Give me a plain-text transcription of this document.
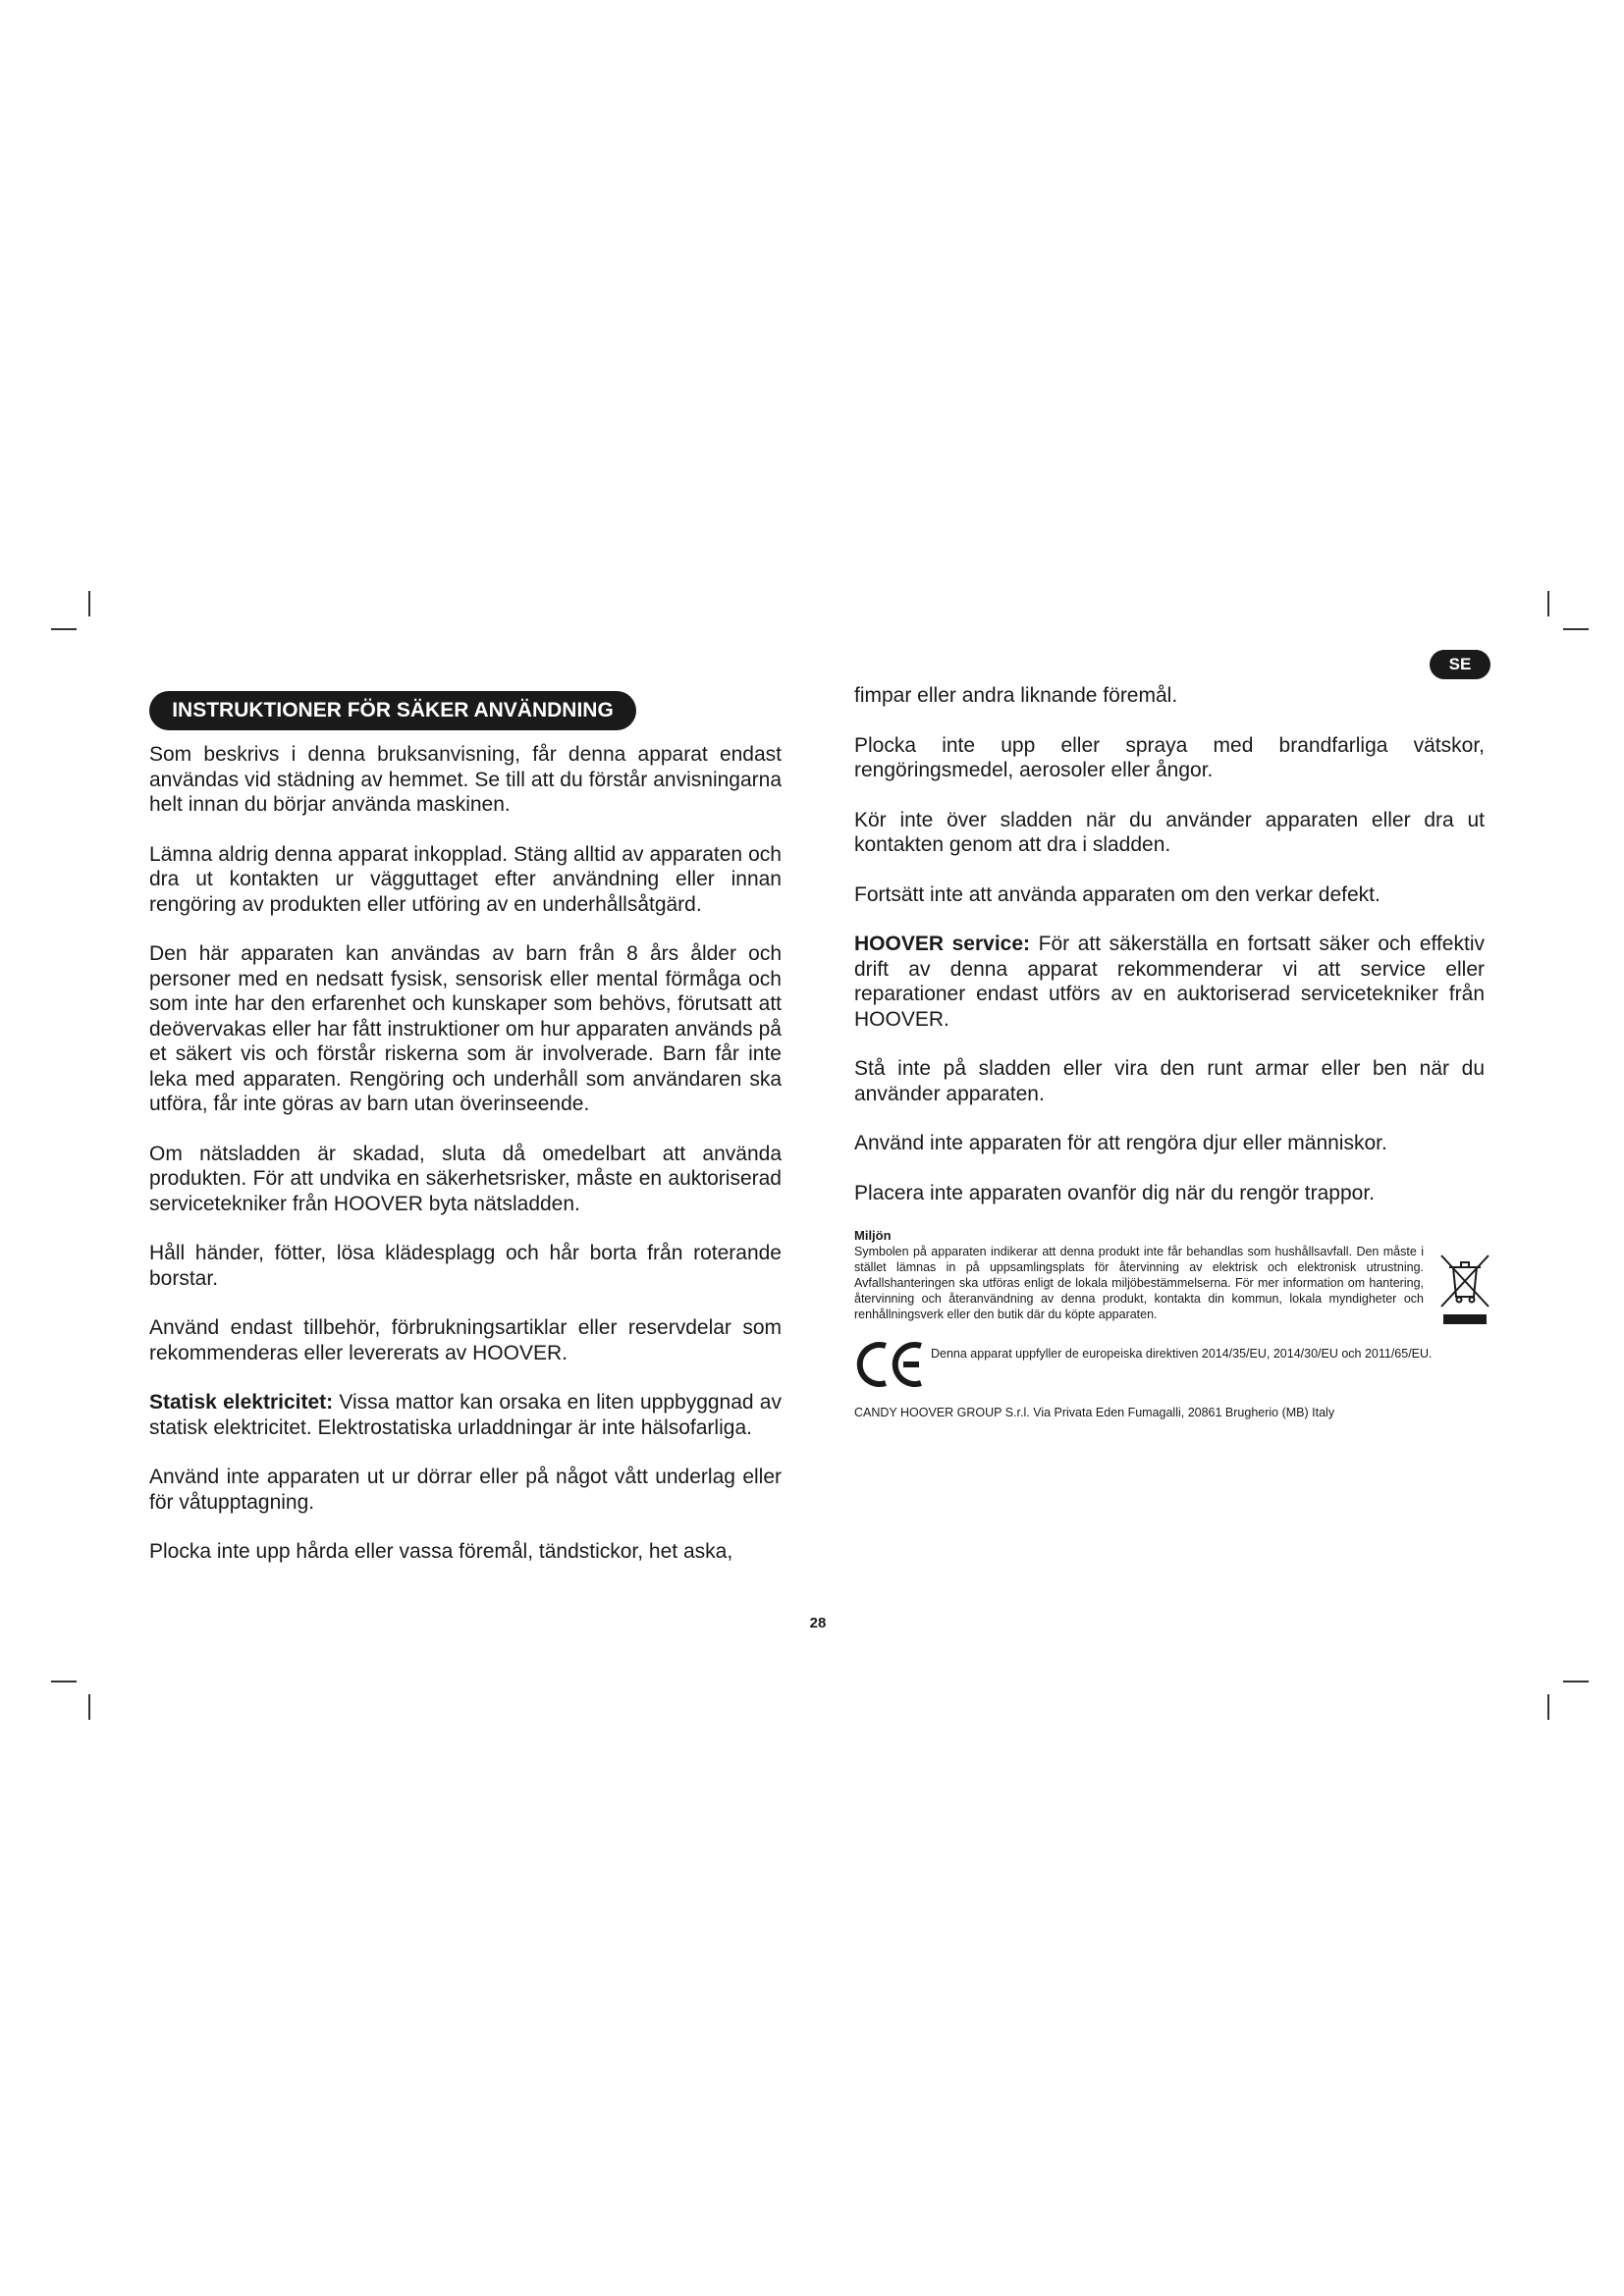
SE
INSTRUKTIONER FÖR SÄKER ANVÄNDNING

Som beskrivs i denna bruksanvisning, får denna apparat endast användas vid städning av hemmet. Se till att du förstår anvisningarna helt innan du börjar använda maskinen.

Lämna aldrig denna apparat inkopplad. Stäng alltid av apparaten och dra ut kontakten ur vägguttaget efter användning eller innan rengöring av produkten eller utföring av en underhållsåtgärd.

Den här apparaten kan användas av barn från 8 års ålder och personer med en nedsatt fysisk, sensorisk eller mental förmåga och som inte har den erfarenhet och kunskaper som behövs, förutsatt att deövervakas eller har fått instruktioner om hur apparaten används på et säkert vis och förstår riskerna som är involverade. Barn får inte leka med apparaten. Rengöring och underhåll som användaren ska utföra, får inte göras av barn utan överinseende.

Om nätsladden är skadad, sluta då omedelbart att använda produkten. För att undvika en säkerhetsrisker, måste en auktoriserad servicetekniker från HOOVER byta nätsladden.

Håll händer, fötter, lösa klädesplagg och hår borta från roterande borstar.

Använd endast tillbehör, förbrukningsartiklar eller reservdelar som rekommenderas eller levererats av HOOVER.

Statisk elektricitet: Vissa mattor kan orsaka en liten uppbyggnad av statisk elektricitet. Elektrostatiska urladdningar är inte hälsofarliga.

Använd inte apparaten ut ur dörrar eller på något vått underlag eller för våtupptagning.

Plocka inte upp hårda eller vassa föremål, tändstickor, het aska,

fimpar eller andra liknande föremål.

Plocka inte upp eller spraya med brandfarliga vätskor, rengöringsmedel, aerosoler eller ångor.

Kör inte över sladden när du använder apparaten eller dra ut kontakten genom att dra i sladden.

Fortsätt inte att använda apparaten om den verkar defekt.

HOOVER service: För att säkerställa en fortsatt säker och effektiv drift av denna apparat rekommenderar vi att service eller reparationer endast utförs av en auktoriserad servicetekniker från HOOVER.

Stå inte på sladden eller vira den runt armar eller ben när du använder apparaten.

Använd inte apparaten för att rengöra djur eller människor.

Placera inte apparaten ovanför dig när du rengör trappor.

Miljön
Symbolen på apparaten indikerar att denna produkt inte får behandlas som hushållsavfall. Den måste i stället lämnas in på uppsamlingsplats för återvinning av elektrisk och elektronisk utrustning. Avfallshanteringen ska utföras enligt de lokala miljöbestämmelserna. För mer information om hantering, återvinning och återanvändning av denna produkt, kontakta din kommun, lokala myndigheter och renhållningsverk eller den butik där du köpte apparaten.
Denna apparat uppfyller de europeiska direktiven 2014/35/EU, 2014/30/EU och 2011/65/EU.
CANDY HOOVER GROUP S.r.l. Via Privata Eden Fumagalli, 20861 Brugherio (MB) Italy
28
